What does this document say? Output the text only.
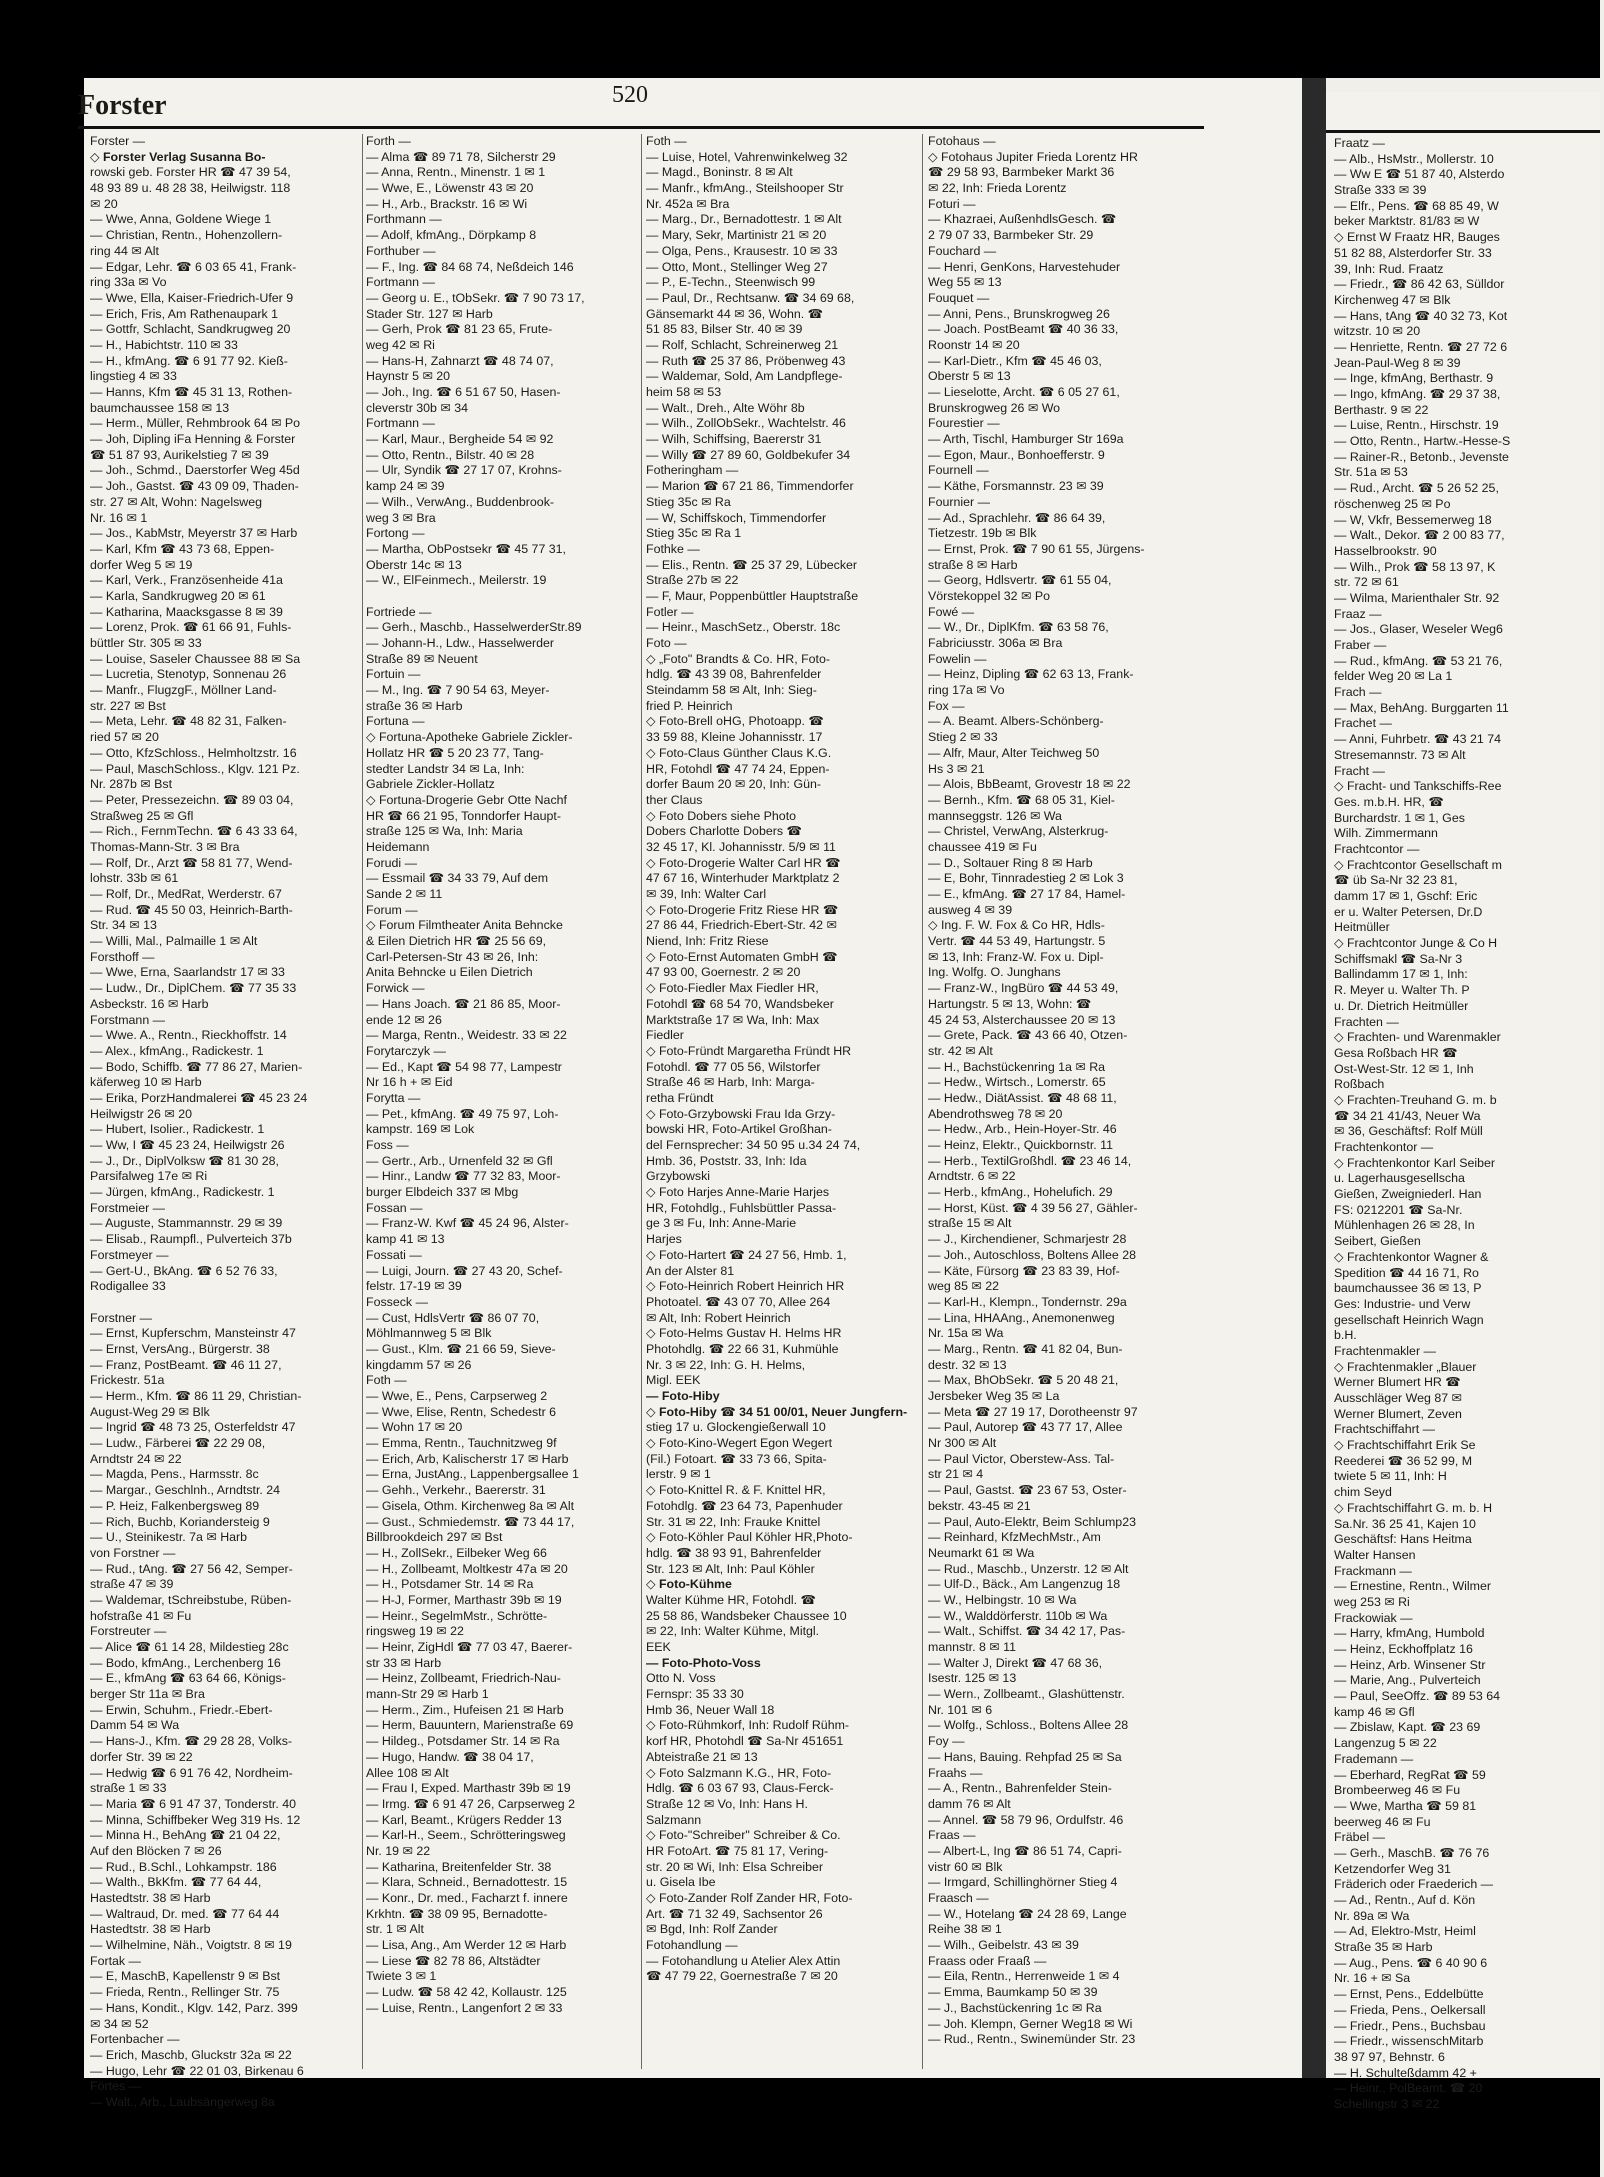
Fraatz —
— Alb., HsMstr., Mollerstr. 10
— Ww E ☎ 51 87 40, Alsterdo
Straße 333 ✉ 39
— Elfr., Pens. ☎ 68 85 49, W
beker Marktstr. 81/83 ✉ W
◇ Ernst W Fraatz HR, Bauges
51 82 88, Alsterdorfer Str. 33
39, Inh: Rud. Fraatz
— Friedr., ☎ 86 42 63, Sülldor
Kirchenweg 47 ✉ Blk
— Hans, tAng ☎ 40 32 73, Kot
witzstr. 10 ✉ 20
— Henriette, Rentn. ☎ 27 72 6
Jean-Paul-Weg 8 ✉ 39
— Inge, kfmAng, Berthastr. 9
— Ingo, kfmAng. ☎ 29 37 38,
Berthastr. 9 ✉ 22
— Luise, Rentn., Hirschstr. 19
— Otto, Rentn., Hartw.-Hesse-S
— Rainer-R., Betonb., Jevenste
Str. 51a ✉ 53
— Rud., Archt. ☎ 5 26 52 25,
röschenweg 25 ✉ Po
— W, Vkfr, Bessemerweg 18
— Walt., Dekor. ☎ 2 00 83 77,
Hasselbrookstr. 90
— Wilh., Prok ☎ 58 13 97, K
str. 72 ✉ 61
— Wilma, Marienthaler Str. 92
Fraaz —
— Jos., Glaser, Weseler Weg6
Fraber —
— Rud., kfmAng. ☎ 53 21 76,
felder Weg 20 ✉ La 1
Frach —
— Max, BehAng. Burggarten 11
Frachet —
— Anni, Fuhrbetr. ☎ 43 21 74
Stresemannstr. 73 ✉ Alt
Fracht —
◇ Fracht- und Tankschiffs-Ree
Ges. m.b.H. HR, ☎
Burchardstr. 1 ✉ 1, Ges
Wilh. Zimmermann
Frachtcontor —
◇ Frachtcontor Gesellschaft m
☎ üb Sa-Nr 32 23 81,
damm 17 ✉ 1, Gschf: Eric
er u. Walter Petersen, Dr.D
Heitmüller
◇ Frachtcontor Junge & Co H
Schiffsmakl ☎ Sa-Nr 3
Ballindamm 17 ✉ 1, Inh:
R. Meyer u. Walter Th. P
u. Dr. Dietrich Heitmüller
Frachten —
◇ Frachten- und Warenmakler
Gesa Roßbach HR ☎
Ost-West-Str. 12 ✉ 1, Inh
Roßbach
◇ Frachten-Treuhand G. m. b
☎ 34 21 41/43, Neuer Wa
✉ 36, Geschäftsf: Rolf Müll
Frachtenkontor —
◇ Frachtenkontor Karl Seiber
u. Lagerhausgesellscha
Gießen, Zweigniederl. Han
FS: 0212201 ☎ Sa-Nr.
Mühlenhagen 26 ✉ 28, In
Seibert, Gießen
◇ Frachtenkontor Wagner &
Spedition ☎ 44 16 71, Ro
baumchaussee 36 ✉ 13, P
Ges: Industrie- und Verw
gesellschaft Heinrich Wagn
b.H.
Frachtenmakler —
◇ Frachtenmakler „Blauer
Werner Blumert HR ☎
Ausschläger Weg 87 ✉
Werner Blumert, Zeven
Frachtschiffahrt —
◇ Frachtschiffahrt Erik Se
Reederei ☎ 36 52 99, M
twiete 5 ✉ 11, Inh: H
chim Seyd
◇ Frachtschiffahrt G. m. b. H
Sa.Nr. 36 25 41, Kajen 10
Geschäftsf: Hans Heitma
Walter Hansen
Frackmann —
— Ernestine, Rentn., Wilmer
weg 253 ✉ Ri
Frackowiak —
— Harry, kfmAng, Humbold
— Heinz, Eckhoffplatz 16
— Heinz, Arb. Winsener Str
— Marie, Ang., Pulverteich
— Paul, SeeOffz. ☎ 89 53 64
kamp 46 ✉ Gfl
— Zbislaw, Kapt. ☎ 23 69
Langenzug 5 ✉ 22
Frademann —
— Eberhard, RegRat ☎ 59
Brombeerweg 46 ✉ Fu
— Wwe, Martha ☎ 59 81
beerweg 46 ✉ Fu
Fräbel —
— Gerh., MaschB. ☎ 76 76
Ketzendorfer Weg 31
Fräderich oder Fraederich —
— Ad., Rentn., Auf d. Kön
Nr. 89a ✉ Wa
— Ad, Elektro-Mstr, Heiml
Straße 35 ✉ Harb
— Aug., Pens. ☎ 6 40 90 6
Nr. 16 + ✉ Sa
— Ernst, Pens., Eddelbütte
— Frieda, Pens., Oelkersall
— Friedr., Pens., Buchsbau
— Friedr., wissenschMitarb
38 97 97, Behnstr. 6
— H. Schulteßdamm 42 +
— Heinr., PolBeamt. ☎ 20
Schellingstr 3 ✉ 22
Forster	520
Forster —
◇ Forster Verlag Susanna Bo-
rowski geb. Forster HR ☎ 47 39 54,
48 93 89 u. 48 28 38, Heilwigstr. 118
✉ 20
— Wwe, Anna, Goldene Wiege 1
— Christian, Rentn., Hohenzollern-
ring 44 ✉ Alt
— Edgar, Lehr. ☎ 6 03 65 41, Frank-
ring 33a ✉ Vo
— Wwe, Ella, Kaiser-Friedrich-Ufer 9
— Erich, Fris, Am Rathenaupark 1
— Gottfr, Schlacht, Sandkrugweg 20
— H., Habichtstr. 110 ✉ 33
— H., kfmAng. ☎ 6 91 77 92. Kieß-
lingstieg 4 ✉ 33
— Hanns, Kfm ☎ 45 31 13, Rothen-
baumchaussee 158 ✉ 13
— Herm., Müller, Rehmbrook 64 ✉ Po
— Joh, Dipling iFa Henning & Forster
☎ 51 87 93, Aurikelstieg 7 ✉ 39
— Joh., Schmd., Daerstorfer Weg 45d
— Joh., Gastst. ☎ 43 09 09, Thaden-
str. 27 ✉ Alt, Wohn: Nagelsweg
Nr. 16 ✉ 1
— Jos., KabMstr, Meyerstr 37 ✉ Harb
— Karl, Kfm ☎ 43 73 68, Eppen-
dorfer Weg 5 ✉ 19
— Karl, Verk., Französenheide 41a
— Karla, Sandkrugweg 20 ✉ 61
— Katharina, Maacksgasse 8 ✉ 39
— Lorenz, Prok. ☎ 61 66 91, Fuhls-
büttler Str. 305 ✉ 33
— Louise, Saseler Chaussee 88 ✉ Sa
— Lucretia, Stenotyp, Sonnenau 26
— Manfr., FlugzgF., Möllner Land-
str. 227 ✉ Bst
— Meta, Lehr. ☎ 48 82 31, Falken-
ried 57 ✉ 20
— Otto, KfzSchloss., Helmholtzstr. 16
— Paul, MaschSchloss., Klgv. 121 Pz.
Nr. 287b ✉ Bst
— Peter, Pressezeichn. ☎ 89 03 04,
Straßweg 25 ✉ Gfl
— Rich., FernmTechn. ☎ 6 43 33 64,
Thomas-Mann-Str. 3 ✉ Bra
— Rolf, Dr., Arzt ☎ 58 81 77, Wend-
lohstr. 33b ✉ 61
— Rolf, Dr., MedRat, Werderstr. 67
— Rud. ☎ 45 50 03, Heinrich-Barth-
Str. 34 ✉ 13
— Willi, Mal., Palmaille 1 ✉ Alt
Forsthoff —
— Wwe, Erna, Saarlandstr 17 ✉ 33
— Ludw., Dr., DiplChem. ☎ 77 35 33
Asbeckstr. 16 ✉ Harb
Forstmann —
— Wwe. A., Rentn., Rieckhoffstr. 14
— Alex., kfmAng., Radickestr. 1
— Bodo, Schiffb. ☎ 77 86 27, Marien-
käferweg 10 ✉ Harb
— Erika, PorzHandmalerei ☎ 45 23 24
Heilwigstr 26 ✉ 20
— Hubert, Isolier., Radickestr. 1
— Ww, I ☎ 45 23 24, Heilwigstr 26
— J., Dr., DiplVolksw ☎ 81 30 28,
Parsifalweg 17e ✉ Ri
— Jürgen, kfmAng., Radickestr. 1
Forstmeier —
— Auguste, Stammannstr. 29 ✉ 39
— Elisab., Raumpfl., Pulverteich 37b
Forstmeyer —
— Gert-U., BkAng. ☎ 6 52 76 33,
Rodigallee 33
Forstner —
— Ernst, Kupferschm, Mansteinstr 47
— Ernst, VersAng., Bürgerstr. 38
— Franz, PostBeamt. ☎ 46 11 27,
Frickestr. 51a
— Herm., Kfm. ☎ 86 11 29, Christian-
August-Weg 29 ✉ Blk
— Ingrid ☎ 48 73 25, Osterfeldstr 47
— Ludw., Färberei ☎ 22 29 08,
Arndtstr 24 ✉ 22
— Magda, Pens., Harmsstr. 8c
— Margar., Geschlnh., Arndtstr. 24
— P. Heiz, Falkenbergsweg 89
— Rich, Buchb, Koriandersteig 9
— U., Steinikestr. 7a ✉ Harb
von Forstner —
— Rud., tAng. ☎ 27 56 42, Semper-
straße 47 ✉ 39
— Waldemar, tSchreibstube, Rüben-
hofstraße 41 ✉ Fu
Forstreuter —
— Alice ☎ 61 14 28, Mildestieg 28c
— Bodo, kfmAng., Lerchenberg 16
— E., kfmAng ☎ 63 64 66, Königs-
berger Str 11a ✉ Bra
— Erwin, Schuhm., Friedr.-Ebert-
Damm 54 ✉ Wa
— Hans-J., Kfm. ☎ 29 28 28, Volks-
dorfer Str. 39 ✉ 22
— Hedwig ☎ 6 91 76 42, Nordheim-
straße 1 ✉ 33
— Maria ☎ 6 91 47 37, Tonderstr. 40
— Minna, Schiffbeker Weg 319 Hs. 12
— Minna H., BehAng ☎ 21 04 22,
Auf den Blöcken 7 ✉ 26
— Rud., B.Schl., Lohkampstr. 186
— Walth., BkKfm. ☎ 77 64 44,
Hastedtstr. 38 ✉ Harb
— Waltraud, Dr. med. ☎ 77 64 44
Hastedtstr. 38 ✉ Harb
— Wilhelmine, Näh., Voigtstr. 8 ✉ 19
Fortak —
— E, MaschB, Kapellenstr 9 ✉ Bst
— Frieda, Rentn., Rellinger Str. 75
— Hans, Kondit., Klgv. 142, Parz. 399
✉ 34 ✉ 52
Fortenbacher —
— Erich, Maschb, Gluckstr 32a ✉ 22
— Hugo, Lehr ☎ 22 01 03, Birkenau 6
Förtes —
— Walt., Arb., Laubsängerweg 8a
Forth —
— Alma ☎ 89 71 78, Silcherstr 29
— Anna, Rentn., Minenstr. 1 ✉ 1
— Wwe, E., Löwenstr 43 ✉ 20
— H., Arb., Brackstr. 16 ✉ Wi
Forthmann —
— Adolf, kfmAng., Dörpkamp 8
Forthuber —
— F., Ing. ☎ 84 68 74, Neßdeich 146
Fortmann —
— Georg u. E., tObSekr. ☎ 7 90 73 17,
Stader Str. 127 ✉ Harb
— Gerh, Prok ☎ 81 23 65, Frute-
weg 42 ✉ Ri
— Hans-H, Zahnarzt ☎ 48 74 07,
Haynstr 5 ✉ 20
— Joh., Ing. ☎ 6 51 67 50, Hasen-
cleverstr 30b ✉ 34
Fortmann —
— Karl, Maur., Bergheide 54 ✉ 92
— Otto, Rentn., Bilstr. 40 ✉ 28
— Ulr, Syndik ☎ 27 17 07, Krohns-
kamp 24 ✉ 39
— Wilh., VerwAng., Buddenbrook-
weg 3 ✉ Bra
Fortong —
— Martha, ObPostsekr ☎ 45 77 31,
Oberstr 14c ✉ 13
— W., ElFeinmech., Meilerstr. 19
Fortriede —
— Gerh., Maschb., HasselwerderStr.89
— Johann-H., Ldw., Hasselwerder
Straße 89 ✉ Neuent
Fortuin —
— M., Ing. ☎ 7 90 54 63, Meyer-
straße 36 ✉ Harb
Fortuna —
◇ Fortuna-Apotheke Gabriele Zickler-
Hollatz HR ☎ 5 20 23 77, Tang-
stedter Landstr 34 ✉ La, Inh:
Gabriele Zickler-Hollatz
◇ Fortuna-Drogerie Gebr Otte Nachf
HR ☎ 66 21 95, Tonndorfer Haupt-
straße 125 ✉ Wa, Inh: Maria
Heidemann
Forudi —
— Essmail ☎ 34 33 79, Auf dem
Sande 2 ✉ 11
Forum —
◇ Forum Filmtheater Anita Behncke
& Eilen Dietrich HR ☎ 25 56 69,
Carl-Petersen-Str 43 ✉ 26, Inh:
Anita Behncke u Eilen Dietrich
Forwick —
— Hans Joach. ☎ 21 86 85, Moor-
ende 12 ✉ 26
— Marga, Rentn., Weidestr. 33 ✉ 22
Forytarczyk —
— Ed., Kapt ☎ 54 98 77, Lampestr
Nr 16 h + ✉ Eid
Forytta —
— Pet., kfmAng. ☎ 49 75 97, Loh-
kampstr. 169 ✉ Lok
Foss —
— Gertr., Arb., Urnenfeld 32 ✉ Gfl
— Hinr., Landw ☎ 77 32 83, Moor-
burger Elbdeich 337 ✉ Mbg
Fossan —
— Franz-W. Kwf ☎ 45 24 96, Alster-
kamp 41 ✉ 13
Fossati —
— Luigi, Journ. ☎ 27 43 20, Schef-
felstr. 17-19 ✉ 39
Fosseck —
— Cust, HdlsVertr ☎ 86 07 70,
Möhlmannweg 5 ✉ Blk
— Gust., Klm. ☎ 21 66 59, Sieve-
kingdamm 57 ✉ 26
Foth —
— Wwe, E., Pens, Carpserweg 2
— Wwe, Elise, Rentn, Schedestr 6
— Wohn 17 ✉ 20
— Emma, Rentn., Tauchnitzweg 9f
— Erich, Arb, Kalischerstr 17 ✉ Harb
— Erna, JustAng., Lappenbergsallee 1
— Gehh., Verkehr., Baererstr. 31
— Gisela, Othm. Kirchenweg 8a ✉ Alt
— Gust., Schmiedemstr. ☎ 73 44 17,
Billbrookdeich 297 ✉ Bst
— H., ZollSekr., Eilbeker Weg 66
— H., Zollbeamt, Moltkestr 47a ✉ 20
— H., Potsdamer Str. 14 ✉ Ra
— H-J, Former, Marthastr 39b ✉ 19
— Heinr., SegelmMstr., Schrötte-
ringsweg 19 ✉ 22
— Heinr, ZigHdl ☎ 77 03 47, Baerer-
str 33 ✉ Harb
— Heinz, Zollbeamt, Friedrich-Nau-
mann-Str 29 ✉ Harb 1
— Herm., Zim., Hufeisen 21 ✉ Harb
— Herm, Bauuntern, Marienstraße 69
— Hildeg., Potsdamer Str. 14 ✉ Ra
— Hugo, Handw. ☎ 38 04 17,
Allee 108 ✉ Alt
— Frau I, Exped. Marthastr 39b ✉ 19
— Irmg. ☎ 6 91 47 26, Carpserweg 2
— Karl, Beamt., Krügers Redder 13
— Karl-H., Seem., Schrötteringsweg
Nr. 19 ✉ 22
— Katharina, Breitenfelder Str. 38
— Klara, Schneid., Bernadottestr. 15
— Konr., Dr. med., Facharzt f. innere
Krkhtn. ☎ 38 09 95, Bernadotte-
str. 1 ✉ Alt
— Lisa, Ang., Am Werder 12 ✉ Harb
— Liese ☎ 82 78 86, Altstädter
Twiete 3 ✉ 1
— Ludw. ☎ 58 42 42, Kollaustr. 125
— Luise, Rentn., Langenfort 2 ✉ 33
Foth —
— Luise, Hotel, Vahrenwinkelweg 32
— Magd., Boninstr. 8 ✉ Alt
— Manfr., kfmAng., Steilshooper Str
Nr. 452a ✉ Bra
— Marg., Dr., Bernadottestr. 1 ✉ Alt
— Mary, Sekr, Martinistr 21 ✉ 20
— Olga, Pens., Krausestr. 10 ✉ 33
— Otto, Mont., Stellinger Weg 27
— P., E-Techn., Steenwisch 99
— Paul, Dr., Rechtsanw. ☎ 34 69 68,
Gänsemarkt 44 ✉ 36, Wohn. ☎
51 85 83, Bilser Str. 40 ✉ 39
— Rolf, Schlacht, Schreinerweg 21
— Ruth ☎ 25 37 86, Pröbenweg 43
— Waldemar, Sold, Am Landpflege-
heim 58 ✉ 53
— Walt., Dreh., Alte Wöhr 8b
— Wilh., ZollObSekr., Wachtelstr. 46
— Wilh, Schiffsing, Baererstr 31
— Willy ☎ 27 89 60, Goldbekufer 34
Fotheringham —
— Marion ☎ 67 21 86, Timmendorfer
Stieg 35c ✉ Ra
— W, Schiffskoch, Timmendorfer
Stieg 35c ✉ Ra 1
Fothke —
— Elis., Rentn. ☎ 25 37 29, Lübecker
Straße 27b ✉ 22
— F, Maur, Poppenbüttler Hauptstraße
Fotler —
— Heinr., MaschSetz., Oberstr. 18c
Foto —
◇ „Foto" Brandts & Co. HR, Foto-
hdlg. ☎ 43 39 08, Bahrenfelder
Steindamm 58 ✉ Alt, Inh: Sieg-
fried P. Heinrich
◇ Foto-Brell oHG, Photoapp. ☎
33 59 88, Kleine Johannisstr. 17
◇ Foto-Claus Günther Claus K.G.
HR, Fotohdl ☎ 47 74 24, Eppen-
dorfer Baum 20 ✉ 20, Inh: Gün-
ther Claus
◇ Foto Dobers siehe Photo
Dobers Charlotte Dobers ☎
32 45 17, Kl. Johannisstr. 5/9 ✉ 11
◇ Foto-Drogerie Walter Carl HR ☎
47 67 16, Winterhuder Marktplatz 2
✉ 39, Inh: Walter Carl
◇ Foto-Drogerie Fritz Riese HR ☎
27 86 44, Friedrich-Ebert-Str. 42 ✉
Niend, Inh: Fritz Riese
◇ Foto-Ernst Automaten GmbH ☎
47 93 00, Goernestr. 2 ✉ 20
◇ Foto-Fiedler Max Fiedler HR,
Fotohdl ☎ 68 54 70, Wandsbeker
Marktstraße 17 ✉ Wa, Inh: Max
Fiedler
◇ Foto-Fründt Margaretha Fründt HR
Fotohdl. ☎ 77 05 56, Wilstorfer
Straße 46 ✉ Harb, Inh: Marga-
retha Fründt
◇ Foto-Grzybowski Frau Ida Grzy-
bowski HR, Foto-Artikel Großhan-
del Fernsprecher: 34 50 95 u.34 24 74,
Hmb. 36, Poststr. 33, Inh: Ida
Grzybowski
◇ Foto Harjes Anne-Marie Harjes
HR, Fotohdlg., Fuhlsbüttler Passa-
ge 3 ✉ Fu, Inh: Anne-Marie
Harjes
◇ Foto-Hartert ☎ 24 27 56, Hmb. 1,
An der Alster 81
◇ Foto-Heinrich Robert Heinrich HR
Photoatel. ☎ 43 07 70, Allee 264
✉ Alt, Inh: Robert Heinrich
◇ Foto-Helms Gustav H. Helms HR
Photohdlg. ☎ 22 66 31, Kuhmühle
Nr. 3 ✉ 22, Inh: G. H. Helms,
Migl. EEK
— Foto-Hiby
◇ Foto-Hiby ☎ 34 51 00/01, Neuer Jungfern-
stieg 17 u. Glockengießerwall 10
◇ Foto-Kino-Wegert Egon Wegert
(Fil.) Fotoart. ☎ 33 73 66, Spita-
lerstr. 9 ✉ 1
◇ Foto-Knittel R. & F. Knittel HR,
Fotohdlg. ☎ 23 64 73, Papenhuder
Str. 31 ✉ 22, Inh: Frauke Knittel
◇ Foto-Köhler Paul Köhler HR,Photo-
hdlg. ☎ 38 93 91, Bahrenfelder
Str. 123 ✉ Alt, Inh: Paul Köhler
◇ Foto-Kühme
Walter Kühme HR, Fotohdl. ☎
25 58 86, Wandsbeker Chaussee 10
✉ 22, Inh: Walter Kühme, Mitgl.
EEK
— Foto-Photo-Voss
Otto N. Voss
Fernspr: 35 33 30
Hmb 36, Neuer Wall 18
◇ Foto-Rühmkorf, Inh: Rudolf Rühm-
korf HR, Photohdl ☎ Sa-Nr 451651
Abteistraße 21 ✉ 13
◇ Foto Salzmann K.G., HR, Foto-
Hdlg. ☎ 6 03 67 93, Claus-Ferck-
Straße 12 ✉ Vo, Inh: Hans H.
Salzmann
◇ Foto-"Schreiber" Schreiber & Co.
HR FotoArt. ☎ 75 81 17, Vering-
str. 20 ✉ Wi, Inh: Elsa Schreiber
u. Gisela Ibe
◇ Foto-Zander Rolf Zander HR, Foto-
Art. ☎ 71 32 49, Sachsentor 26
✉ Bgd, Inh: Rolf Zander
Fotohandlung —
— Fotohandlung u Atelier Alex Attin
☎ 47 79 22, Goernestraße 7 ✉ 20
Fotohaus —
◇ Fotohaus Jupiter Frieda Lorentz HR
☎ 29 58 93, Barmbeker Markt 36
✉ 22, Inh: Frieda Lorentz
Foturi —
— Khazraei, AußenhdlsGesch. ☎
2 79 07 33, Barmbeker Str. 29
Fouchard —
— Henri, GenKons, Harvestehuder
Weg 55 ✉ 13
Fouquet —
— Anni, Pens., Brunskrogweg 26
— Joach. PostBeamt ☎ 40 36 33,
Roonstr 14 ✉ 20
— Karl-Dietr., Kfm ☎ 45 46 03,
Oberstr 5 ✉ 13
— Lieselotte, Archt. ☎ 6 05 27 61,
Brunskrogweg 26 ✉ Wo
Fourestier —
— Arth, Tischl, Hamburger Str 169a
— Egon, Maur., Bonhoefferstr. 9
Fournell —
— Käthe, Forsmannstr. 23 ✉ 39
Fournier —
— Ad., Sprachlehr. ☎ 86 64 39,
Tietzestr. 19b ✉ Blk
— Ernst, Prok. ☎ 7 90 61 55, Jürgens-
straße 8 ✉ Harb
— Georg, Hdlsvertr. ☎ 61 55 04,
Vörstekoppel 32 ✉ Po
Fowé —
— W., Dr., DiplKfm. ☎ 63 58 76,
Fabriciusstr. 306a ✉ Bra
Fowelin —
— Heinz, Dipling ☎ 62 63 13, Frank-
ring 17a ✉ Vo
Fox —
— A. Beamt. Albers-Schönberg-
Stieg 2 ✉ 33
— Alfr, Maur, Alter Teichweg 50
Hs 3 ✉ 21
— Alois, BbBeamt, Grovestr 18 ✉ 22
— Bernh., Kfm. ☎ 68 05 31, Kiel-
mannseggstr. 126 ✉ Wa
— Christel, VerwAng, Alsterkrug-
chaussee 419 ✉ Fu
— D., Soltauer Ring 8 ✉ Harb
— E, Bohr, Tinnradestieg 2 ✉ Lok 3
— E., kfmAng. ☎ 27 17 84, Hamel-
ausweg 4 ✉ 39
◇ Ing. F. W. Fox & Co HR, Hdls-
Vertr. ☎ 44 53 49, Hartungstr. 5
✉ 13, Inh: Franz-W. Fox u. Dipl-
Ing. Wolfg. O. Junghans
— Franz-W., IngBüro ☎ 44 53 49,
Hartungstr. 5 ✉ 13, Wohn: ☎
45 24 53, Alsterchaussee 20 ✉ 13
— Grete, Pack. ☎ 43 66 40, Otzen-
str. 42 ✉ Alt
— H., Bachstückenring 1a ✉ Ra
— Hedw., Wirtsch., Lomerstr. 65
— Hedw., DiätAssist. ☎ 48 68 11,
Abendrothsweg 78 ✉ 20
— Hedw., Arb., Hein-Hoyer-Str. 46
— Heinz, Elektr., Quickbornstr. 11
— Herb., TextilGroßhdl. ☎ 23 46 14,
Arndtstr. 6 ✉ 22
— Herb., kfmAng., Hohelufich. 29
— Horst, Küst. ☎ 4 39 56 27, Gähler-
straße 15 ✉ Alt
— J., Kirchendiener, Schmarjestr 28
— Joh., Autoschloss, Boltens Allee 28
— Käte, Fürsorg ☎ 23 83 39, Hof-
weg 85 ✉ 22
— Karl-H., Klempn., Tondernstr. 29a
— Lina, HHAAng., Anemonenweg
Nr. 15a ✉ Wa
— Marg., Rentn. ☎ 41 82 04, Bun-
destr. 32 ✉ 13
— Max, BhObSekr. ☎ 5 20 48 21,
Jersbeker Weg 35 ✉ La
— Meta ☎ 27 19 17, Dorotheenstr 97
— Paul, Autorep ☎ 43 77 17, Allee
Nr 300 ✉ Alt
— Paul Victor, Oberstew-Ass. Tal-
str 21 ✉ 4
— Paul, Gastst. ☎ 23 67 53, Oster-
bekstr. 43-45 ✉ 21
— Paul, Auto-Elektr, Beim Schlump23
— Reinhard, KfzMechMstr., Am
Neumarkt 61 ✉ Wa
— Rud., Maschb., Unzerstr. 12 ✉ Alt
— Ulf-D., Bäck., Am Langenzug 18
— W., Helbingstr. 10 ✉ Wa
— W., Walddörferstr. 110b ✉ Wa
— Walt., Schiffst. ☎ 34 42 17, Pas-
mannstr. 8 ✉ 11
— Walter J, Direkt ☎ 47 68 36,
Isestr. 125 ✉ 13
— Wern., Zollbeamt., Glashüttenstr.
Nr. 101 ✉ 6
— Wolfg., Schloss., Boltens Allee 28
Foy —
— Hans, Bauing. Rehpfad 25 ✉ Sa
Fraahs —
— A., Rentn., Bahrenfelder Stein-
damm 76 ✉ Alt
— Annel. ☎ 58 79 96, Ordulfstr. 46
Fraas —
— Albert-L, Ing ☎ 86 51 74, Capri-
vistr 60 ✉ Blk
— Irmgard, Schillinghörner Stieg 4
Fraasch —
— W., Hotelang ☎ 24 28 69, Lange
Reihe 38 ✉ 1
— Wilh., Geibelstr. 43 ✉ 39
Fraass oder Fraaß —
— Eila, Rentn., Herrenweide 1 ✉ 4
— Emma, Baumkamp 50 ✉ 39
— J., Bachstückenring 1c ✉ Ra
— Joh. Klempn, Gerner Weg18 ✉ Wi
— Rud., Rentn., Swinemünder Str. 23
